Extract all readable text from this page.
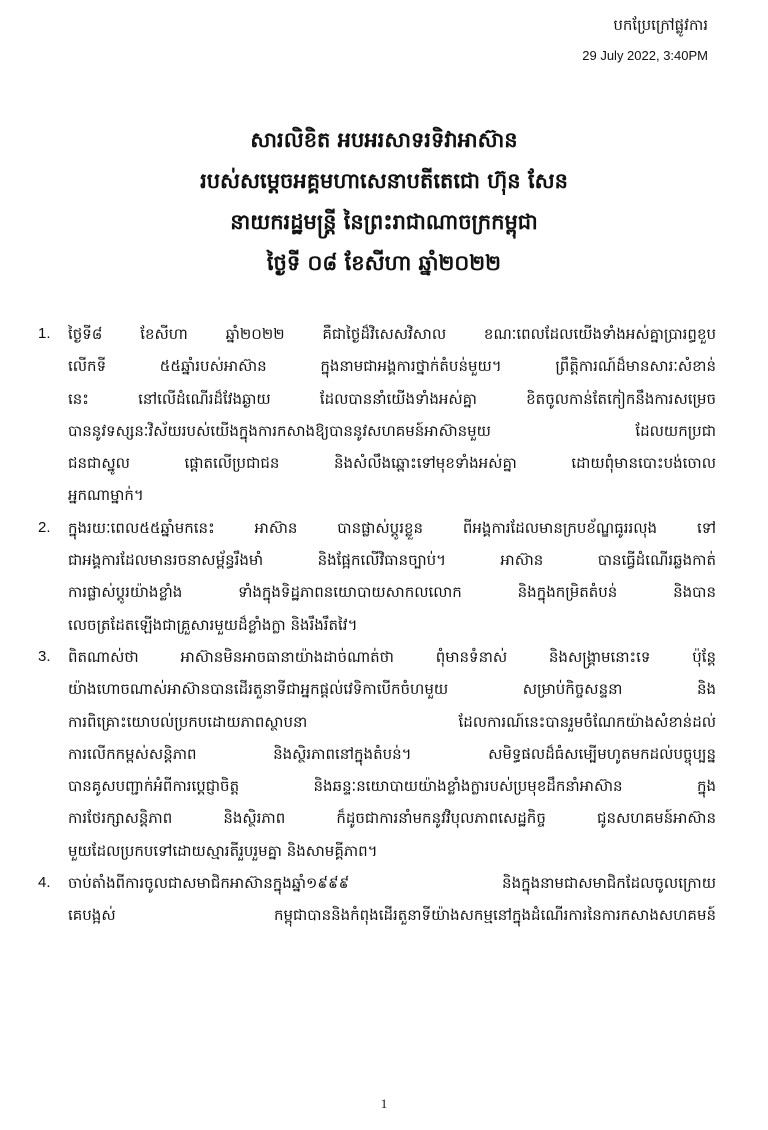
បកប្រែក្រៅផ្លូវការ
29 July 2022, 3:40PM
សារលិខិត អបអរសាទរទិវាអាស៊ាន
របស់សម្តេចអគ្គមហាសេនាបតីតេជោ ហ៊ុន សែន
នាយករដ្ឋមន្ត្រី នៃព្រះរាជាណាចក្រកម្ពុជា
ថ្ងៃទី ០៨ ខែសីហា ឆ្នាំ២០២២
1. ថ្ងៃទី៨ ខែសីហា ឆ្នាំ២០២២ គឺជាថ្ងៃដ៏វិសេសវិសាល ខណៈពេលដែលយើងទាំងអស់គ្នាប្រារព្ធខួប
លើកទី ៥៥ឆ្នាំរបស់អាស៊ាន ក្នុងនាមជាអង្គការថ្នាក់តំបន់មួយ។ ព្រឹត្តិការណ៍ដ៏មានសារៈសំខាន់
នេះ នៅលើដំណើរដ៏វែងឆ្ងាយ ដែលបាននាំយើងទាំងអស់គ្នា ខិតចូលកាន់តែកៀកនឹងការសម្រេច
បាននូវទស្សនៈវិស័យរបស់យើងក្នុងការកសាងឱ្យបាននូវសហគមន៍អាស៊ានមួយ ដែលយកប្រជា
ជនជាស្នូល ផ្តោតលើប្រជាជន និងសំលឹងឆ្ពោះទៅមុខទាំងអស់គ្នា ដោយពុំមានបោះបង់ចោល
អ្នកណាម្នាក់។
2. ក្នុងរយៈពេល៥៥ឆ្នាំមកនេះ អាស៊ាន បានផ្លាស់ប្តូរខ្លួន ពីអង្គការដែលមានក្របខ័ណ្ឌធូររលុង ទៅ
ជាអង្គការដែលមានរចនាសម្ព័ន្ធរឹងមាំ និងផ្អែកលើវិធានច្បាប់។ អាស៊ាន បានធ្វើដំណើរឆ្លងកាត់
ការផ្លាស់ប្តូរយ៉ាងខ្លាំង ទាំងក្នុងទិដ្ឋភាពនយោបាយសាកលលោក និងក្នុងកម្រិតតំបន់ និងបាន
លេចត្រដែតឡើងជាគ្រួសារមួយដ៏ខ្លាំងក្លា និងរឹងរឹតវៃ។
3. ពិតណាស់ថា អាស៊ានមិនអាចធានាយ៉ាងដាច់ណាត់ថា ពុំមានទំនាស់ និងសង្គ្រាមនោះទេ ប៉ុន្តែ
យ៉ាងហោចណាស់អាស៊ានបានដើរតួនាទីជាអ្នកផ្តល់វេទិកាបើកចំហមួយ សម្រាប់កិច្ចសន្ទនា និង
ការពិគ្រោះយោបល់ប្រកបដោយភាពស្ថាបនា ដែលការណ៍នេះបានរួមចំណែកយ៉ាងសំខាន់ដល់
ការលើកកម្ពស់សន្តិភាព និងស្ថិរភាពនៅក្នុងតំបន់។ សមិទ្ធផលដ៏ធំសម្បើមហូតមកដល់បច្ចុប្បន្ន
បានគូសបញ្ជាក់អំពីការប្តេជ្ញាចិត្ត និងឆន្ទៈនយោបាយយ៉ាងខ្លាំងក្លារបស់ប្រមុខដឹកនាំអាស៊ាន ក្នុង
ការថែរក្សាសន្តិភាព និងស្ថិរភាព ក៏ដូចជាការនាំមកនូវវិបុលភាពសេដ្ឋកិច្ច ជូនសហគមន៍អាស៊ាន
មួយដែលប្រកបទៅដោយស្មារតីរួបរួមគ្នា និងសាមគ្គីភាព។
4. ចាប់តាំងពីការចូលជាសមាជិកអាស៊ានក្នុងឆ្នាំ១៩៩៩ និងក្នុងនាមជាសមាជិកដែលចូលក្រោយ
គេបង្អស់ កម្ពុជាបាននិងកំពុងដើរតួនាទីយ៉ាងសកម្មនៅក្នុងដំណើរការនៃការកសាងសហគមន៍
1
